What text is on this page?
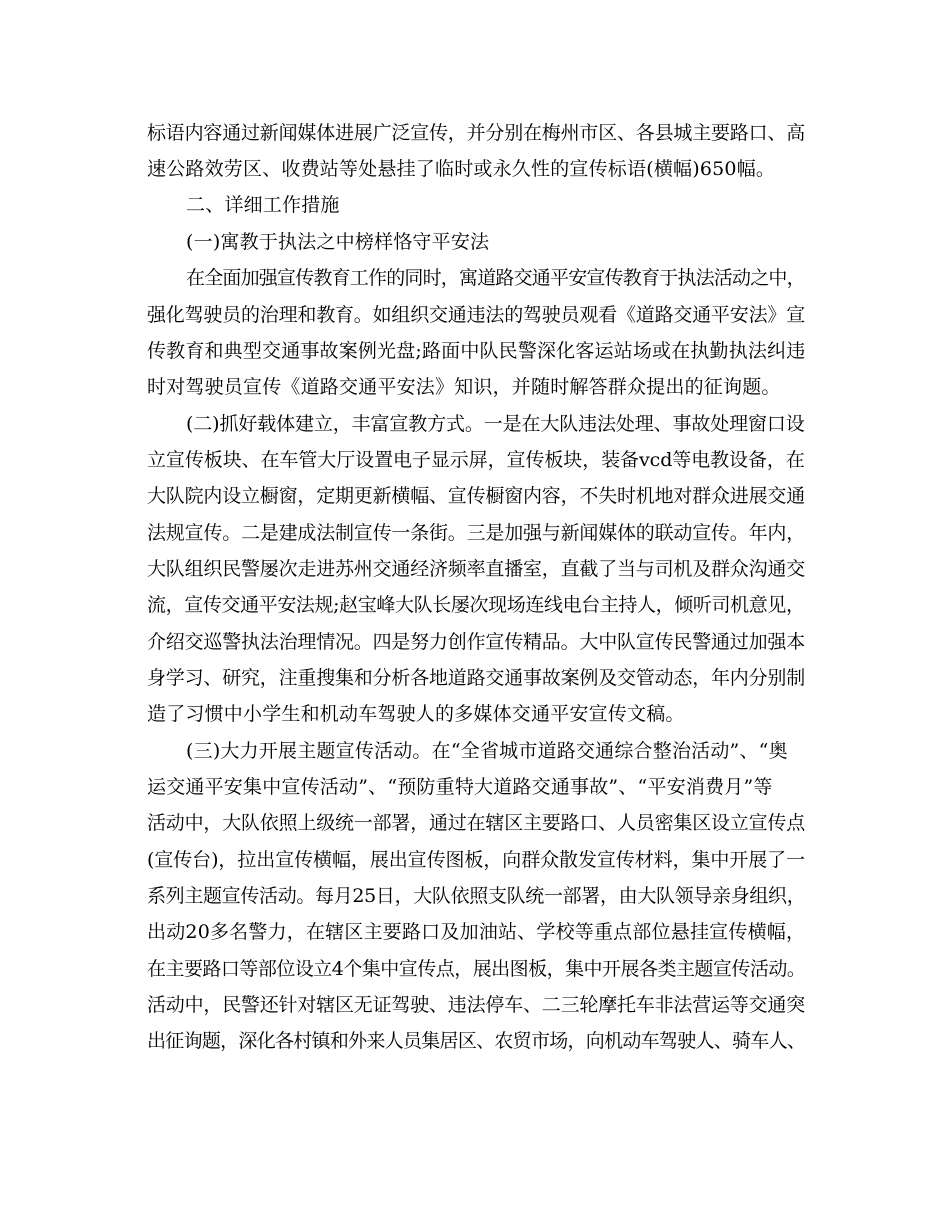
标语内容通过新闻媒体进展广泛宣传，并分别在梅州市区、各县城主要路口、高
速公路效劳区、收费站等处悬挂了临时或永久性的宣传标语(横幅)650幅。
二、详细工作措施
(一)寓教于执法之中榜样恪守平安法
在全面加强宣传教育工作的同时，寓道路交通平安宣传教育于执法活动之中，
强化驾驶员的治理和教育。如组织交通违法的驾驶员观看《道路交通平安法》宣
传教育和典型交通事故案例光盘;路面中队民警深化客运站场或在执勤执法纠违
时对驾驶员宣传《道路交通平安法》知识，并随时解答群众提出的征询题。
(二)抓好载体建立，丰富宣教方式。一是在大队违法处理、事故处理窗口设
立宣传板块、在车管大厅设置电子显示屏，宣传板块，装备vcd等电教设备，在
大队院内设立橱窗，定期更新横幅、宣传橱窗内容，不失时机地对群众进展交通
法规宣传。二是建成法制宣传一条街。三是加强与新闻媒体的联动宣传。年内，
大队组织民警屡次走进苏州交通经济频率直播室，直截了当与司机及群众沟通交
流，宣传交通平安法规;赵宝峰大队长屡次现场连线电台主持人，倾听司机意见，
介绍交巡警执法治理情况。四是努力创作宣传精品。大中队宣传民警通过加强本
身学习、研究，注重搜集和分析各地道路交通事故案例及交管动态，年内分别制
造了习惯中小学生和机动车驾驶人的多媒体交通平安宣传文稿。
(三)大力开展主题宣传活动。在“全省城市道路交通综合整治活动”、“奥
运交通平安集中宣传活动”、“预防重特大道路交通事故”、“平安消费月”等
活动中，大队依照上级统一部署，通过在辖区主要路口、人员密集区设立宣传点
(宣传台)，拉出宣传横幅，展出宣传图板，向群众散发宣传材料，集中开展了一
系列主题宣传活动。每月25日，大队依照支队统一部署，由大队领导亲身组织，
出动20多名警力，在辖区主要路口及加油站、学校等重点部位悬挂宣传横幅，
在主要路口等部位设立4个集中宣传点，展出图板，集中开展各类主题宣传活动。
活动中，民警还针对辖区无证驾驶、违法停车、二三轮摩托车非法营运等交通突
出征询题，深化各村镇和外来人员集居区、农贸市场，向机动车驾驶人、骑车人、
